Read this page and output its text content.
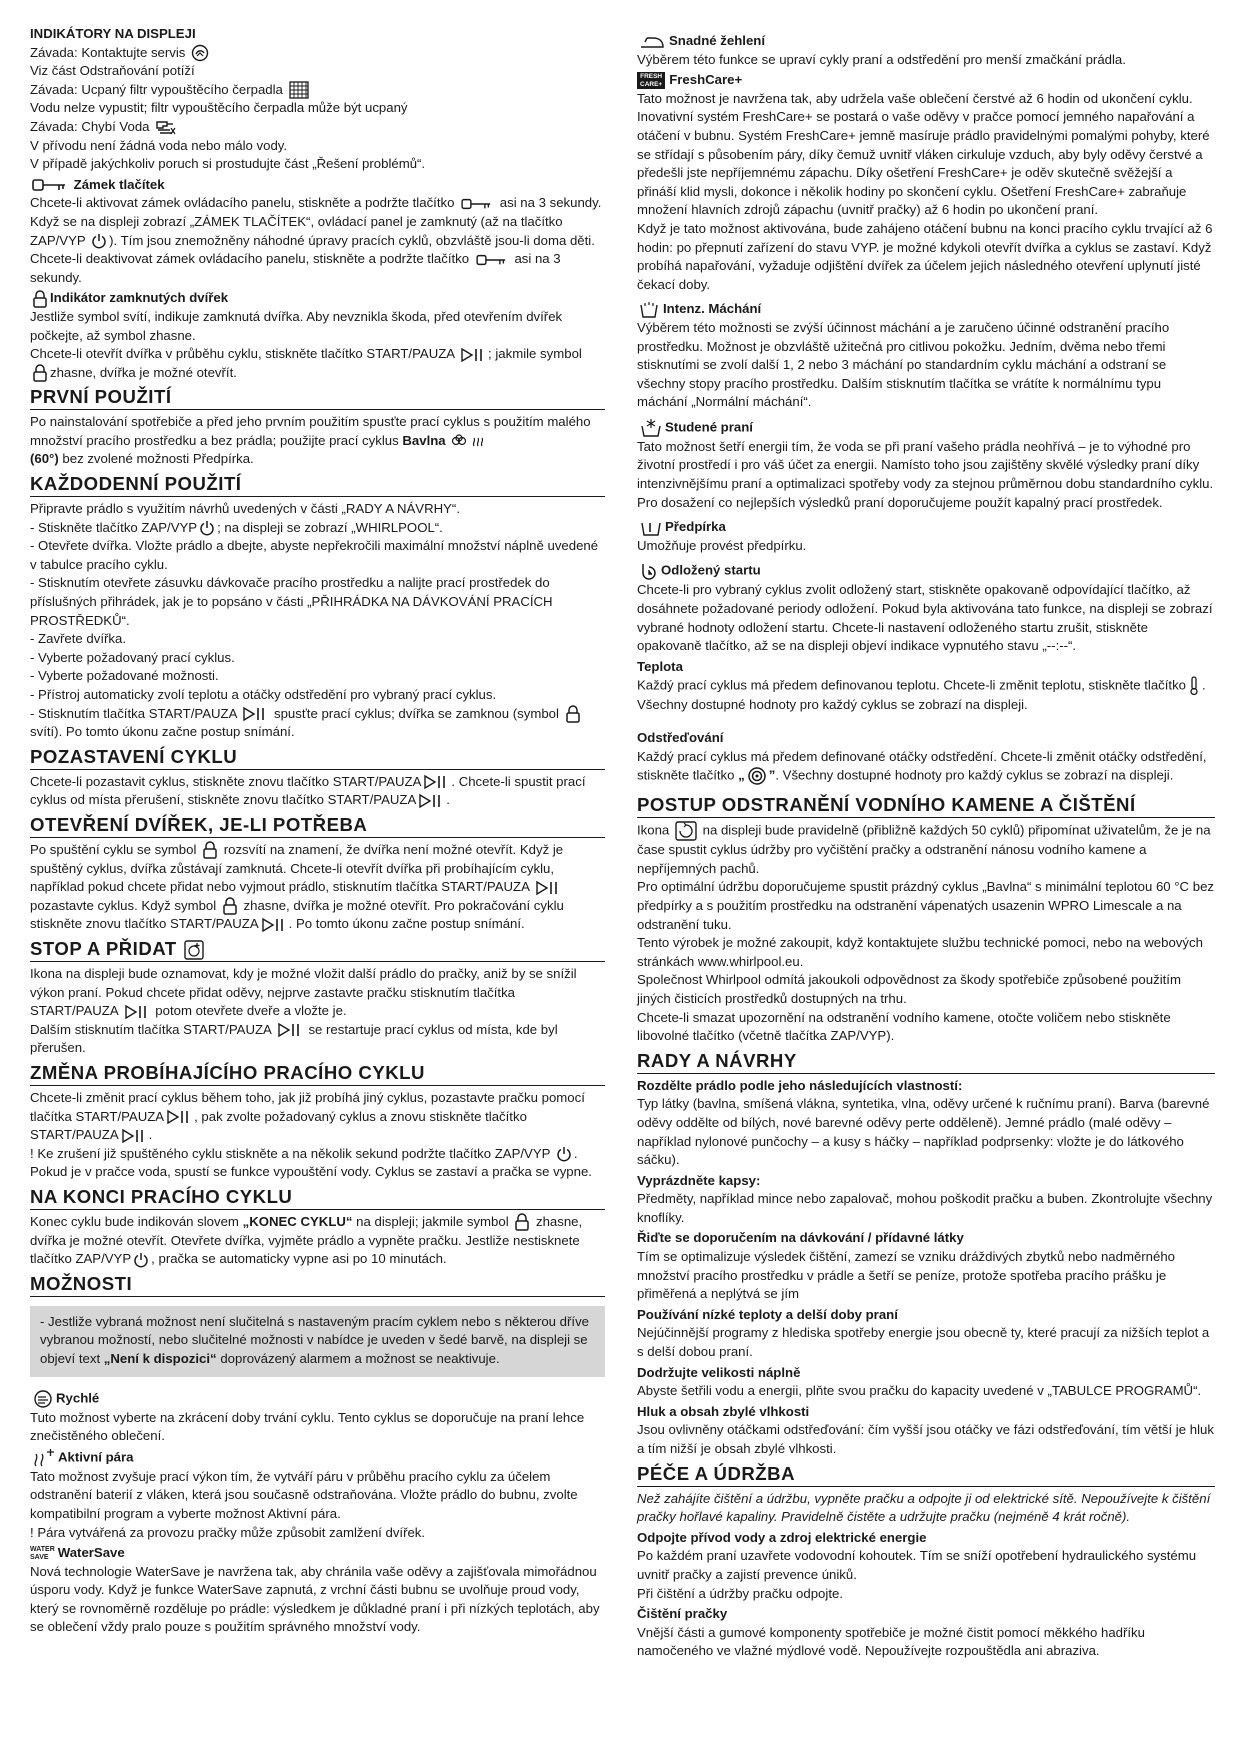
INDIKÁTORY NA DISPLEJI

Závada: Kontaktujte servis

Viz část Odstraňování potíží

Závada: Ucpaný filtr vypouštěcího čerpadla

Vodu nelze vypustit; filtr vypouštěcího čerpadla může být ucpaný

Závada: Chybí Voda

V přívodu není žádná voda nebo málo vody.

V případě jakýchkoliv poruch si prostudujte část „Řešení problémů“.

Zámek tlačítek

Chcete-li aktivovat zámek ovládacího panelu, stiskněte a podržte tlačítko	asi na 3 sekundy. Když se na displeji zobrazí „ZÁMEK TLAČÍTEK“, ovládací panel je zamknutý (až na tlačítko ZAP/VYP ). Tím jsou znemožněny náhodné úpravy pracích cyklů, obzvláště jsou-li doma děti. Chcete-li deaktivovat zámek ovládacího panelu, stiskněte a podržte tlačítko	asi na 3 sekundy.

Indikátor zamknutých dvířek

Jestliže symbol svítí, indikuje zamknutá dvířka. Aby nevznikla škoda, před otevřením dvířek počkejte, až symbol zhasne.

Chcete-li otevřít dvířka v průběhu cyklu, stiskněte tlačítko START/PAUZA	; jakmile symbol zhasne, dvířka je možné otevřít.

PRVNÍ POUŽITÍ

Po nainstalování spotřebiče a před jeho prvním použitím spusťte prací cyklus s použitím malého množství pracího prostředku a bez prádla; použijte prací cyklus Bavlna
(60°) bez zvolené možnosti Předpírka.

KAŽDODENNÍ POUŽITÍ

Připravte prádlo s využitím návrhů uvedených v části „RADY A NÁVRHY“.

- Stiskněte tlačítko ZAP/VYP ; na displeji se zobrazí „WHIRLPOOL“.

- Otevřete dvířka. Vložte prádlo a dbejte, abyste nepřekročili maximální množství náplně uvedené v tabulce pracího cyklu.

- Stisknutím otevřete zásuvku dávkovače pracího prostředku a nalijte prací prostředek do příslušných přihrádek, jak je to popsáno v části „PŘIHRÁDKA NA DÁVKOVÁNÍ PRACÍCH PROSTŘEDKŮ“.

- Zavřete dvířka.

- Vyberte požadovaný prací cyklus.

- Vyberte požadované možnosti.

- Přístroj automaticky zvolí teplotu a otáčky odstředění pro vybraný prací cyklus.

- Stisknutím tlačítka START/PAUZA	spusťte prací cyklus; dvířka se zamknou (symbol  svítí). Po tomto úkonu začne postup snímání.

POZASTAVENÍ CYKLU

Chcete-li pozastavit cyklus, stiskněte znovu tlačítko START/PAUZA . Chcete-li spustit prací cyklus od místa přerušení, stiskněte znovu tlačítko START/PAUZA .

OTEVŘENÍ DVÍŘEK, JE-LI POTŘEBA

Po spuštění cyklu se symbol rozsvítí na znamení, že dvířka není možné otevřít. Když je spuštěný cyklus, dvířka zůstávají zamknutá. Chcete-li otevřít dvířka při probíhajícím cyklu, například pokud chcete přidat nebo vyjmout prádlo, stisknutím tlačítka START/PAUZA  pozastavte cyklus. Když symbol zhasne, dvířka je možné otevřít. Pro pokračování cyklu stiskněte znovu tlačítko START/PAUZA . Po tomto úkonu začne postup snímání.

STOP A PŘIDAT

Ikona na displeji bude oznamovat, kdy je možné vložit další prádlo do pračky, aniž by se snížil výkon praní. Pokud chcete přidat oděvy, nejprve zastavte pračku stisknutím tlačítka START/PAUZA	potom otevřete dveře a vložte je.

Dalším stisknutím tlačítka START/PAUZA	se restartuje prací cyklus od místa, kde byl přerušen.

ZMĚNA PROBÍHAJÍCÍHO PRACÍHO CYKLU

Chcete-li změnit prací cyklus během toho, jak již probíhá jiný cyklus, pozastavte pračku pomocí tlačítka START/PAUZA , pak zvolte požadovaný cyklus a znovu stiskněte tlačítko START/PAUZA .

! Ke zrušení již spuštěného cyklu stiskněte a na několik sekund podržte tlačítko ZAP/VYP . Pokud je v pračce voda, spustí se funkce vypouštění vody. Cyklus se zastaví a pračka se vypne.

NA KONCI PRACÍHO CYKLU

Konec cyklu bude indikován slovem „KONEC CYKLU“ na displeji; jakmile symbol zhasne, dvířka je možné otevřít. Otevřete dvířka, vyjměte prádlo a vypněte pračku. Jestliže nestisknete tlačítko ZAP/VYP , pračka se automaticky vypne asi po 10 minutách.

MOŽNOSTI

- Jestliže vybraná možnost není slučitelná s nastaveným pracím cyklem nebo s některou dříve vybranou možností, nebo slučitelné možnosti v nabídce je uveden v šedé barvě, na displeji se objeví text „Není k dispozici“ doprovázený alarmem a možnost se neaktivuje.

Rychlé

Tuto možnost vyberte na zkrácení doby trvání cyklu. Tento cyklus se doporučuje na praní lehce znečistěného oblečení.

Aktivní pára

Tato možnost zvyšuje prací výkon tím, že vytváří páru v průběhu pracího cyklu za účelem odstranění baterií z vláken, která jsou současně odstraňována. Vložte prádlo do bubnu, zvolte kompatibilní program a vyberte možnost Aktivní pára.

! Pára vytvářená za provozu pračky může způsobit zamlžení dvířek.

WATER
SAVE WaterSave

Nová technologie WaterSave je navržena tak, aby chránila vaše oděvy a zajišťovala mimořádnou úsporu vody. Když je funkce WaterSave zapnutá, z vrchní části bubnu se uvolňuje proud vody, který se rovnoměrně rozděluje po prádle: výsledkem je důkladné praní i při nízkých teplotách, aby se oblečení vždy pralo pouze s použitím správného množství vody.

Snadné žehlení

Výběrem této funkce se upraví cykly praní a odstředění pro menší zmačkání prádla.

FRESH
CARE+ FreshCare+

Tato možnost je navržena tak, aby udržela vaše oblečení čerstvé až 6 hodin od ukončení cyklu. Inovativní systém FreshCare+ se postará o vaše oděvy v pračce pomocí jemného napařování a otáčení v bubnu. Systém FreshCare+ jemně masíruje prádlo pravidelnými pomalými pohyby, které se střídají s působením páry, díky čemuž uvnitř vláken cirkuluje vzduch, aby byly oděvy čerstvé a předešli jste nepříjemnému zápachu. Díky ošetření FreshCare+ je oděv skutečně svěžejší a přináší klid mysli, dokonce i několik hodiny po skončení cyklu. Ošetření FreshCare+ zabraňuje množení hlavních zdrojů zápachu (uvnitř pračky) až 6 hodin po ukončení praní.

Když je tato možnost aktivována, bude zahájeno otáčení bubnu na konci pracího cyklu trvající až 6 hodin: po přepnutí zařízení do stavu VYP. je možné kdykoli otevřít dvířka a cyklus se zastaví. Když probíhá napařování, vyžaduje odjištění dvířek za účelem jejich následného otevření uplynutí jisté čekací doby.

Intenz. Máchání

Výběrem této možnosti se zvýší účinnost máchání a je zaručeno účinné odstranění pracího prostředku. Možnost je obzvláště užitečná pro citlivou pokožku. Jedním, dvěma nebo třemi stisknutími se zvolí další 1, 2 nebo 3 máchání po standardním cyklu máchání a odstraní se všechny stopy pracího prostředku. Dalším stisknutím tlačítka se vrátíte k normálnímu typu máchání „Normální máchání“.

Studené praní

Tato možnost šetří energii tím, že voda se při praní vašeho prádla neohřívá – je to výhodné pro životní prostředí i pro váš účet za energii. Namísto toho jsou zajištěny skvělé výsledky praní díky intenzivnějšímu praní a optimalizaci spotřeby vody za stejnou průměrnou dobu standardního cyklu.

Pro dosažení co nejlepších výsledků praní doporučujeme použít kapalný prací prostředek.

Předpírka

Umožňuje provést předpírku.

Odložený startu

Chcete-li pro vybraný cyklus zvolit odložený start, stiskněte opakovaně odpovídající tlačítko, až dosáhnete požadované periody odložení. Pokud byla aktivována tato funkce, na displeji se zobrazí vybrané hodnoty odložení startu. Chcete-li nastavení odloženého startu zrušit, stiskněte opakovaně tlačítko, až se na displeji objeví indikace vypnutého stavu „--:--“.

Teplota

Každý prací cyklus má předem definovanou teplotu. Chcete-li změnit teplotu, stiskněte tlačítko . Všechny dostupné hodnoty pro každý cyklus se zobrazí na displeji.

Odstřeďování

Každý prací cyklus má předem definované otáčky odstředění. Chcete-li změnit otáčky odstředění, stiskněte tlačítko „ ”. Všechny dostupné hodnoty pro každý cyklus se zobrazí na displeji.

POSTUP ODSTRANĚNÍ VODNÍHO KAMENE A ČIŠTĚNÍ

Ikona	na displeji bude pravidelně (přibližně každých 50 cyklů) připomínat uživatelům, že je na čase spustit cyklus údržby pro vyčištění pračky a odstranění nánosu vodního kamene a nepříjemných pachů.

Pro optimální údržbu doporučujeme spustit prázdný cyklus „Bavlna“ s minimální teplotou 60 °C bez předpírky a s použitím prostředku na odstranění vápenatých usazenin WPRO Limescale a na odstranění tuku.

Tento výrobek je možné zakoupit, když kontaktujete službu technické pomoci, nebo na webových stránkách www.whirlpool.eu.

Společnost Whirlpool odmítá jakoukoli odpovědnost za škody spotřebiče způsobené použitím jiných čisticích prostředků dostupných na trhu.

Chcete-li smazat upozornění na odstranění vodního kamene, otočte voličem nebo stiskněte libovolné tlačítko (včetně tlačítka ZAP/VYP).

RADY A NÁVRHY

Rozdělte prádlo podle jeho následujících vlastností:

Typ látky (bavlna, smíšená vlákna, syntetika, vlna, oděvy určené k ručnímu praní). Barva (barevné oděvy oddělte od bílých, nové barevné oděvy perte odděleně). Jemné prádlo (malé oděvy – například nylonové punčochy – a kusy s háčky – například podprsenky: vložte je do látkového sáčku).

Vyprázdněte kapsy:

Předměty, například mince nebo zapalovač, mohou poškodit pračku a buben. Zkontrolujte všechny knoflíky.

Řiďte se doporučením na dávkování / přídavné látky

Tím se optimalizuje výsledek čištění, zamezí se vzniku dráždivých zbytků nebo nadměrného množství pracího prostředku v prádle a šetří se peníze, protože spotřeba pracího prášku je přiměřená a neplýtvá se jím

Používání nízké teploty a delší doby praní

Nejúčinnější programy z hlediska spotřeby energie jsou obecně ty, které pracují za nižších teplot a s delší dobou praní.

Dodržujte velikosti náplně

Abyste šetřili vodu a energii, plňte svou pračku do kapacity uvedené v „TABULCE PROGRAMŮ“.

Hluk a obsah zbylé vlhkosti

Jsou ovlivněny otáčkami odstřeďování: čím vyšší jsou otáčky ve fázi odstřeďování, tím větší je hluk a tím nižší je obsah zbylé vlhkosti.

PÉČE A ÚDRŽBA

Než zahájíte čištění a údržbu, vypněte pračku a odpojte ji od elektrické sítě. Nepoužívejte k čištění pračky hořlavé kapaliny. Pravidelně čistěte a udržujte pračku (nejméně 4 krát ročně).

Odpojte přívod vody a zdroj elektrické energie

Po každém praní uzavřete vodovodní kohoutek. Tím se sníží opotřebení hydraulického systému uvnitř pračky a zajistí prevence úniků.

Při čištění a údržby pračku odpojte.

Čištění pračky

Vnější části a gumové komponenty spotřebiče je možné čistit pomocí měkkého hadříku namočeného ve vlažné mýdlové vodě. Nepoužívejte rozpouštědla ani abraziva.
